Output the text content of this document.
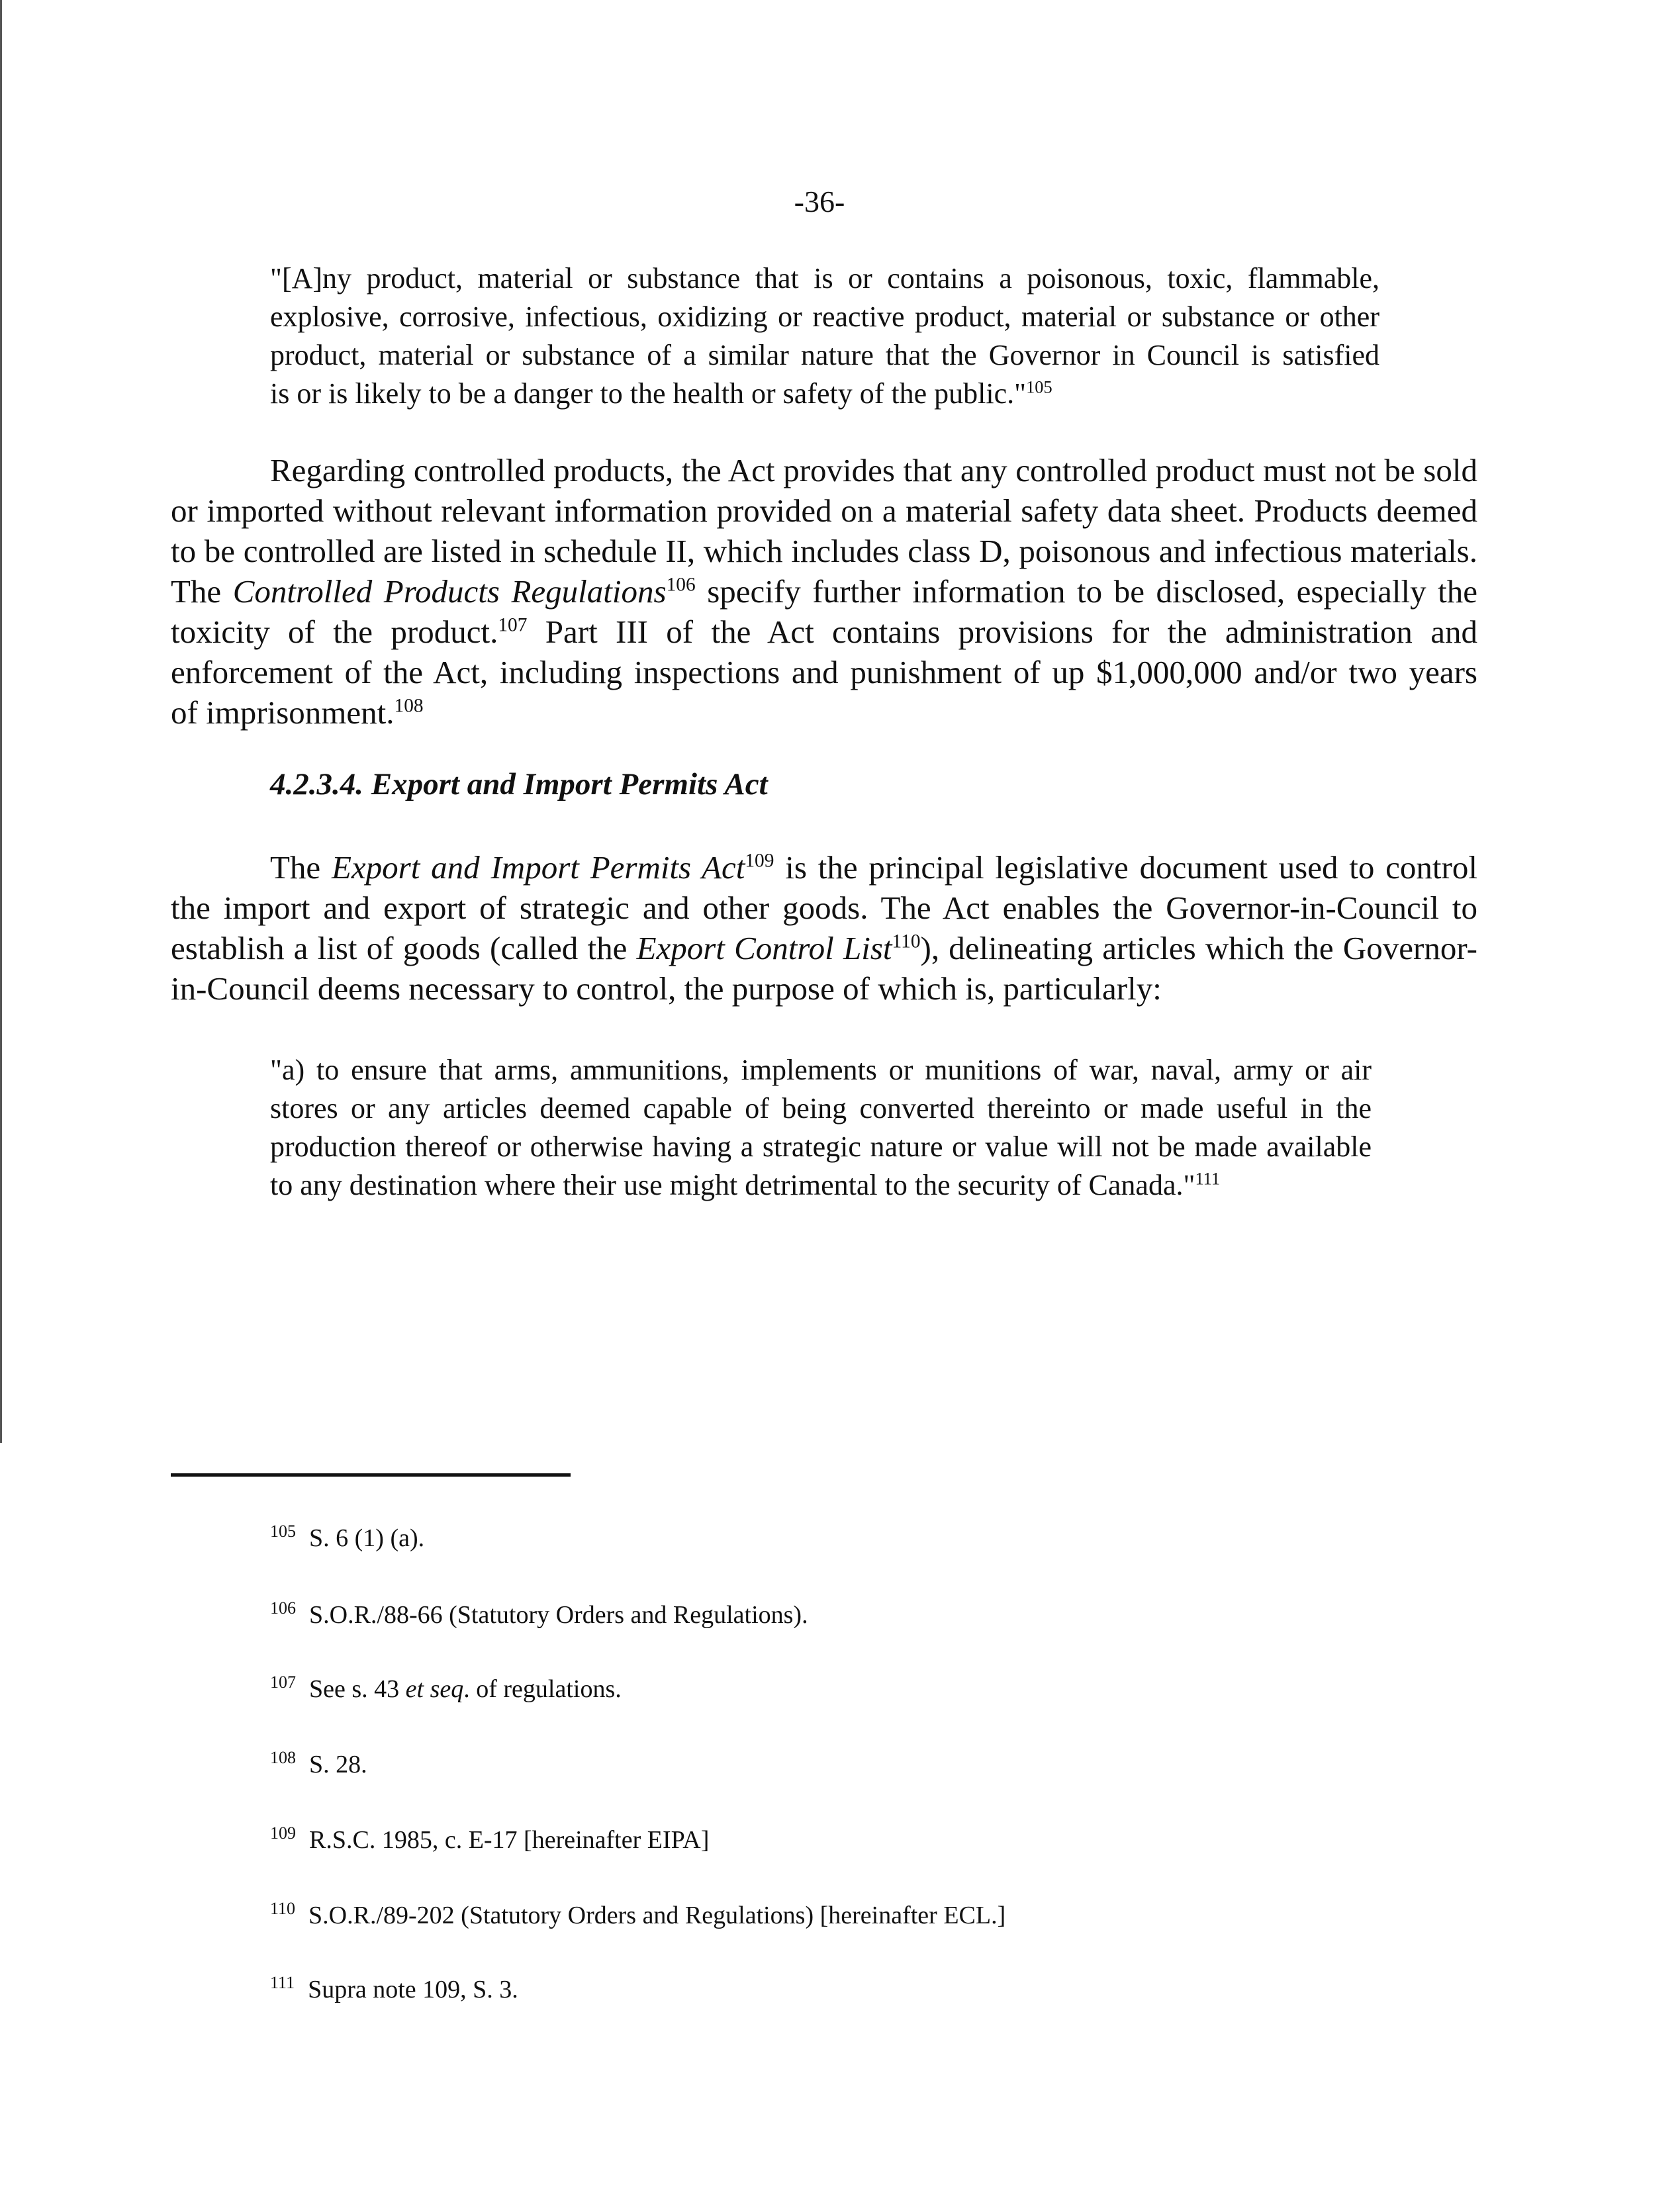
-36-
"[A]ny product, material or substance that is or contains a poisonous, toxic, flammable,
explosive, corrosive, infectious, oxidizing or reactive product, material or substance or other
product, material or substance of a similar nature that the Governor in Council is satisfied
is or is likely to be a danger to the health or safety of the public."$^{105}$
Regarding controlled products, the Act provides that any controlled product must not be sold
or imported without relevant information provided on a material safety data sheet. Products deemed
to be controlled are listed in schedule II, which includes class D, poisonous and infectious materials.
The Controlled Products Regulations$^{106}$ specify further information to be disclosed, especially the
toxicity of the product.$^{107}$ Part III of the Act contains provisions for the administration and
enforcement of the Act, including inspections and punishment of up $1,000,000 and/or two years
of imprisonment.$^{108}$
4.2.3.4. Export and Import Permits Act
The Export and Import Permits Act$^{109}$ is the principal legislative document used to control
the import and export of strategic and other goods. The Act enables the Governor-in-Council to
establish a list of goods (called the Export Control List$^{110}$), delineating articles which the Governor-
in-Council deems necessary to control, the purpose of which is, particularly:
"a) to ensure that arms, ammunitions, implements or munitions of war, naval, army or air
stores or any articles deemed capable of being converted thereinto or made useful in the
production thereof or otherwise having a strategic nature or value will not be made available
to any destination where their use might detrimental to the security of Canada."$^{111}$
$^{105}$ S. 6 (1) (a).
$^{106}$ S.O.R./88-66 (Statutory Orders and Regulations).
$^{107}$ See s. 43 et seq. of regulations.
$^{108}$ S. 28.
$^{109}$ R.S.C. 1985, c. E-17 [hereinafter EIPA]
$^{110}$ S.O.R./89-202 (Statutory Orders and Regulations) [hereinafter ECL.]
$^{111}$ Supra note 109, S. 3.
